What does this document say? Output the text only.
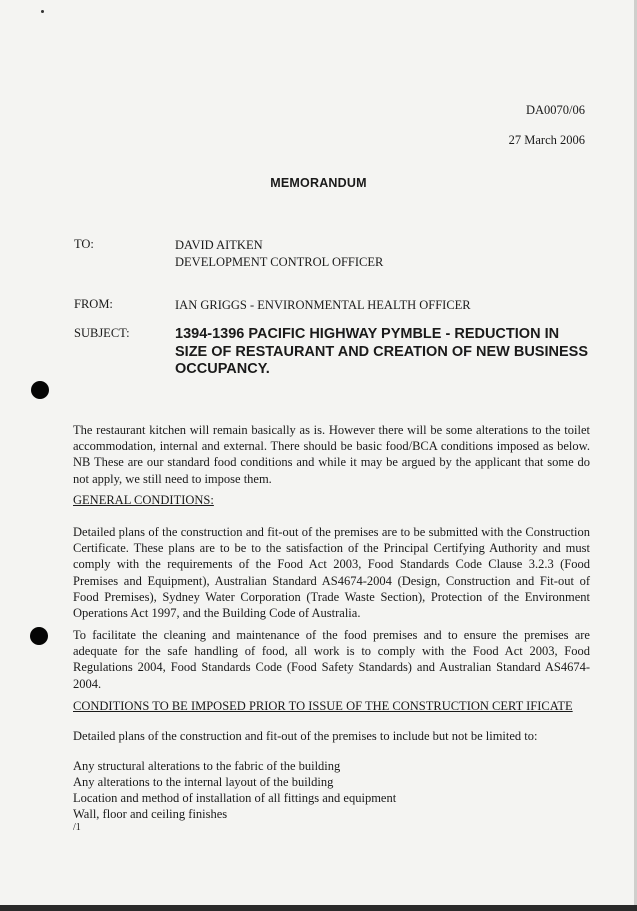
DA0070/06
27 March 2006
MEMORANDUM
TO:	DAVID AITKEN
DEVELOPMENT CONTROL OFFICER
FROM:	IAN GRIGGS - ENVIRONMENTAL HEALTH OFFICER
SUBJECT:	1394-1396 PACIFIC HIGHWAY PYMBLE - REDUCTION IN SIZE OF RESTAURANT AND CREATION OF NEW BUSINESS OCCUPANCY.
The restaurant kitchen will remain basically as is. However there will be some alterations to the toilet accommodation, internal and external. There should be basic food/BCA conditions imposed as below. NB These are our standard food conditions and while it may be argued by the applicant that some do not apply, we still need to impose them.
GENERAL CONDITIONS:
Detailed plans of the construction and fit-out of the premises are to be submitted with the Construction Certificate. These plans are to be to the satisfaction of the Principal Certifying Authority and must comply with the requirements of the Food Act 2003, Food Standards Code Clause 3.2.3 (Food Premises and Equipment), Australian Standard AS4674-2004 (Design, Construction and Fit-out of Food Premises), Sydney Water Corporation (Trade Waste Section), Protection of the Environment Operations Act 1997, and the Building Code of Australia.
To facilitate the cleaning and maintenance of the food premises and to ensure the premises are adequate for the safe handling of food, all work is to comply with the Food Act 2003, Food Regulations 2004, Food Standards Code (Food Safety Standards) and Australian Standard AS4674-2004.
CONDITIONS TO BE IMPOSED PRIOR TO ISSUE OF THE CONSTRUCTION CERT IFICATE
Detailed plans of the construction and fit-out of the premises to include but not be limited to:
Any structural alterations to the fabric of the building
Any alterations to the internal layout of the building
Location and method of installation of all fittings and equipment
Wall, floor and ceiling finishes
/1
